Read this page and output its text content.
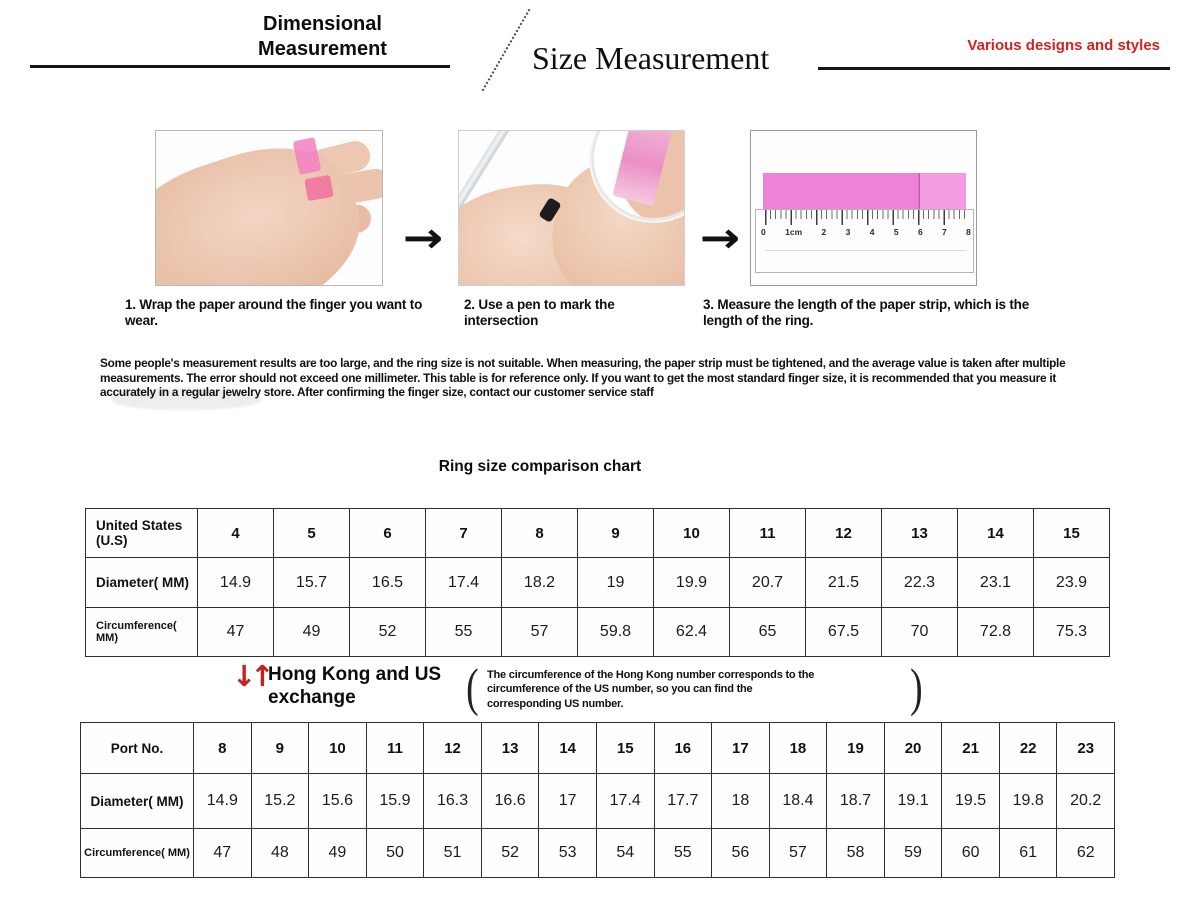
Dimensional Measurement	Size Measurement	Various designs and styles
→	→	0 1cm 2 3 4 5 6 7 8
1. Wrap the paper around the finger you want to wear.
2. Use a pen to mark the intersection
3. Measure the length of the paper strip, which is the length of the ring.
Some people's measurement results are too large, and the ring size is not suitable. When measuring, the paper strip must be tightened, and the average value is taken after multiple measurements. The error should not exceed one millimeter. This table is for reference only. If you want to get the most standard finger size, it is recommended that you measure it accurately in a regular jewelry store. After confirming the finger size, contact our customer service staff
Ring size comparison chart
United States (U.S)	4	5	6	7	8	9	10	11	12	13	14	15
Diameter( MM)	14.9	15.7	16.5	17.4	18.2	19	19.9	20.7	21.5	22.3	23.1	23.9
Circumference( MM)	47	49	52	55	57	59.8	62.4	65	67.5	70	72.8	75.3
↓↑ Hong Kong and US exchange	( The circumference of the Hong Kong number corresponds to the circumference of the US number, so you can find the corresponding US number.	)
Port No.	8	9	10	11	12	13	14	15	16	17	18	19	20	21	22	23
Diameter( MM)	14.9	15.2	15.6	15.9	16.3	16.6	17	17.4	17.7	18	18.4	18.7	19.1	19.5	19.8	20.2
Circumference( MM)	47	48	49	50	51	52	53	54	55	56	57	58	59	60	61	62
